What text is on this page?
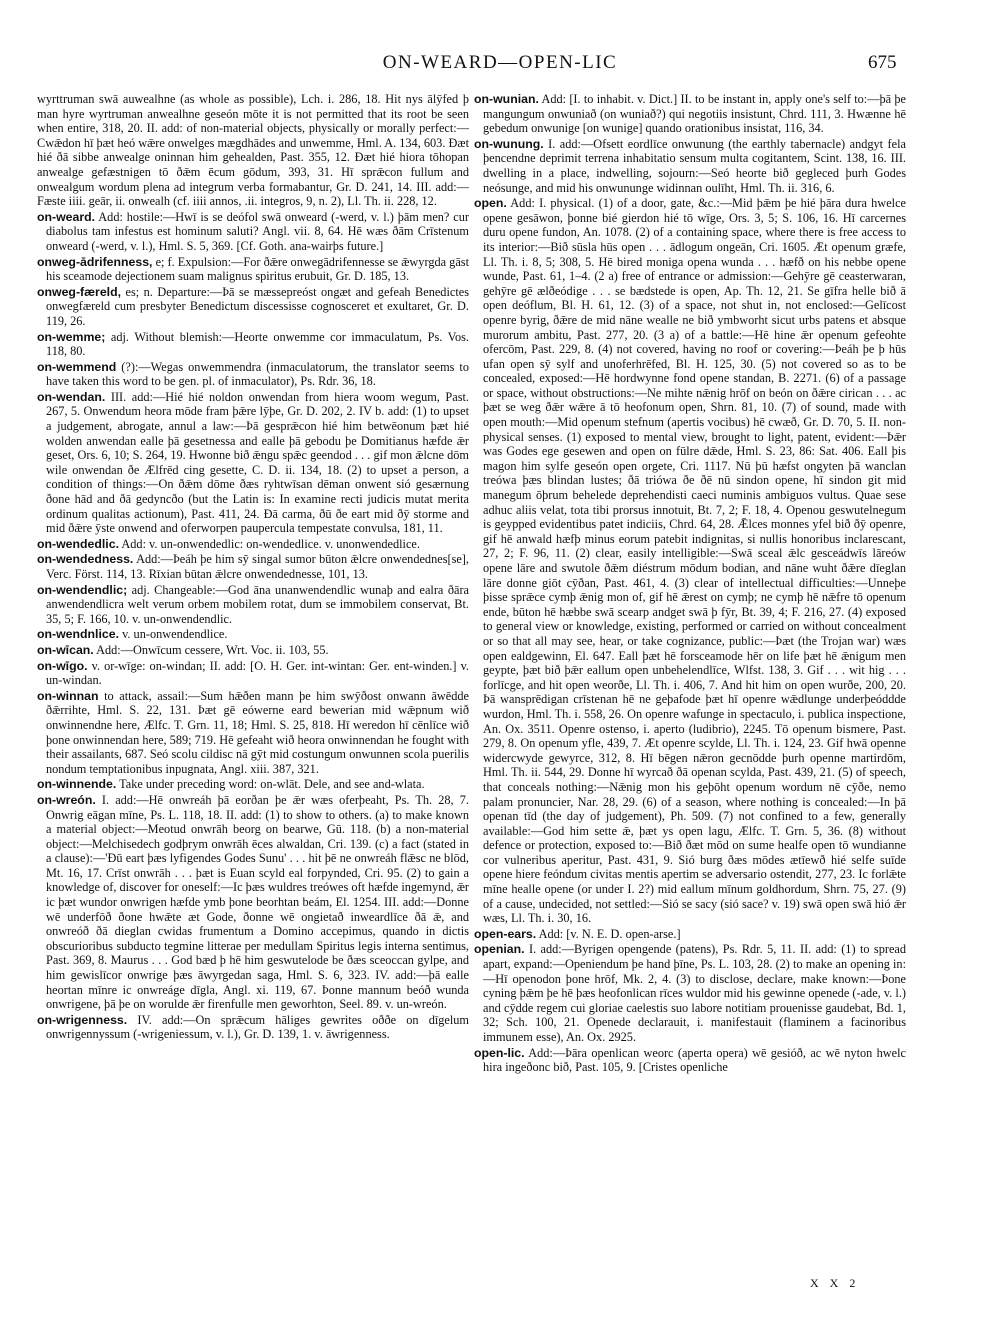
ON-WEARD—OPEN-LIC	675

wyrttruman swā auwealhne (as whole as possible), Lch. i. 286, 18. Hit nys ālȳfed þ man hyre wyrtruman anwealhne geseón mōte it is not permitted that its root be seen when entire, 318, 20. II. add: of non-material objects, physically or morally perfect:—Cwǣdon hī þæt heó wǣre onwelges mægdhādes and unwemme, Hml. A. 134, 603. Ðæt hié ðā sibbe anwealge oninnan him gehealden, Past. 355, 12. Ðæt hié hiora tōhopan anwealge gefæstnigen tō ðǣm ēcum gōdum, 393, 31. Hī sprǣcon fullum and onwealgum wordum plena ad integrum verba formabantur, Gr. D. 241, 14. III. add:—Fæste iiii. geār, ii. onwealh (cf. iiii annos, .ii. integros, 9, n. 2), Ll. Th. ii. 228, 12.

on-weard. Add: hostile:—Hwī is se deófol swā onweard (-werd, v. l.) þām men? cur diabolus tam infestus est hominum saluti? Angl. vii. 8, 64. Hē wæs ðām Crīstenum onweard (-werd, v. l.), Hml. S. 5, 369. [Cf. Goth. ana-wairþs future.]

onweg-ādrifenness, e; f. Expulsion:—For ðǣre onwegādrifennesse se ǣwyrgda gāst his sceamode dejectionem suam malignus spiritus erubuit, Gr. D. 185, 13.

onweg-færeld, es; n. Departure:—Þā se mæssepreóst ongæt and gefeah Benedictes onwegfæreld cum presbyter Benedictum discessisse cognosceret et exultaret, Gr. D. 119, 26.

on-wemme; adj. Without blemish:—Heorte onwemme cor immaculatum, Ps. Vos. 118, 80.

on-wemmend (?):—Wegas onwemmendra (inmaculatorum, the translator seems to have taken this word to be gen. pl. of inmaculator), Ps. Rdr. 36, 18.

on-wendan. III. add:—Hié hié noldon onwendan from hiera woom wegum, Past. 267, 5. Onwendum heora mōde fram þǣre lȳþe, Gr. D. 202, 2. IV b. add: (1) to upset a judgement, abrogate, annul a law:—Þā gesprǣcon hié him betwēonum þæt hié wolden anwendan ealle þā gesetnessa and ealle þā gebodu þe Domitianus hæfde ǣr geset, Ors. 6, 10; S. 264, 19. Hwonne bið ǣngu spǣc geendod . . . gif mon ǣlcne dōm wile onwendan ðe Ælfrēd cing gesette, C. D. ii. 134, 18. (2) to upset a person, a condition of things:—On ðǣm dōme ðæs ryhtwīsan dēman onwent sió gesærnung ðone hād and ðā gedyncðo (but the Latin is: In examine recti judicis mutat merita ordinum qualitas actionum), Past. 411, 24. Ðā carma, ðū ðe eart mid ðȳ storme and mid ðǣre ȳste onwend and oferworpen paupercula tempestate convulsa, 181, 11.

on-wendedlic. Add: v. un-onwendedlic: on-wendedlice. v. unonwendedlice.

on-wendedness. Add:—Þeáh þe him sȳ singal sumor būton ǣlcre onwendednes[se], Verc. Först. 114, 13. Rīxian būtan ǣlcre onwendednesse, 101, 13.

on-wendendlic; adj. Changeable:—God āna unanwendendlic wunaþ and ealra ðāra anwendendlicra welt verum orbem mobilem rotat, dum se immobilem conservat, Bt. 35, 5; F. 166, 10. v. un-onwendendlic.

on-wendnlice. v. un-onwendendlice.

on-wīcan. Add:—Onwīcum cessere, Wrt. Voc. ii. 103, 55.

on-wīgo. v. or-wīge: on-windan; II. add: [O. H. Ger. int-wintan: Ger. ent-winden.] v. un-windan.

on-winnan to attack, assail:—Sum hǣðen mann þe him swȳðost onwann āwēdde ðǣrrihte, Hml. S. 22, 131. Þæt gē eówerne eard bewerian mid wǣpnum wið onwinnendne here, Ælfc. T. Grn. 11, 18; Hml. S. 25, 818. Hī weredon hī cēnlīce wið þone onwinnendan here, 589; 719. Hē gefeaht wið heora onwinnendan he fought with their assailants, 687. Seó scolu cildisc nā gȳt mid costungum onwunnen scola puerilis nondum temptationibus inpugnata, Angl. xiii. 387, 321.

on-winnende. Take under preceding word: on-wlāt. Dele, and see and-wlata.

on-wreón. I. add:—Hē onwreáh þā eorðan þe ǣr wæs oferþeaht, Ps. Th. 28, 7. Onwrig eāgan mīne, Ps. L. 118, 18. II. add: (1) to show to others. (a) to make known a material object:—Meotud onwrāh beorg on bearwe, Gū. 118. (b) a non-material object:—Melchisedech godþrym onwrāh ēces alwaldan, Cri. 139. (c) a fact (stated in a clause):—'Ðū eart þæs lyfigendes Godes Sunu' . . . hit þē ne onwreáh flǣsc ne blōd, Mt. 16, 17. Crīst onwrāh . . . þæt is Euan scyld eal forpynded, Cri. 95. (2) to gain a knowledge of, discover for oneself:—Ic þæs wuldres treówes oft hæfde ingemynd, ǣr ic þæt wundor onwrigen hæfde ymb þone beorhtan beám, El. 1254. III. add:—Donne wē underfōð ðone hwǣte æt Gode, ðonne wē ongietað inweardlīce ðā ǣ, and onwreóð ðā dieglan cwidas frumentum a Domino accepimus, quando in dictis obscurioribus subducto tegmine litterae per medullam Spiritus legis interna sentimus, Past. 369, 8. Maurus . . . God bæd þ hē him geswutelode be ðæs sceoccan gylpe, and him gewislīcor onwrige þæs āwyrgedan saga, Hml. S. 6, 323. IV. add:—þā ealle heortan mīnre ic onwreáge dīgla, Angl. xi. 119, 67. Þonne mannum beóð wunda onwrigene, þā þe on worulde ǣr firenfulle men geworhton, Seel. 89. v. un-wreón.

on-wrigenness. IV. add:—On sprǣcum hāliges gewrites oððe on dīgelum onwrigennyssum (-wrigeniessum, v. l.), Gr. D. 139, 1. v. āwrigenness.

on-wunian. Add: [I. to inhabit. v. Dict.] II. to be instant in, apply one's self to:—þā þe mangungum onwuniað (on wuniað?) qui negotiis insistunt, Chrd. 111, 3. Hwænne hē gebedum onwunige [on wunige] quando orationibus insistat, 116, 34.

on-wunung. I. add:—Ofsett eordlīce onwunung (the earthly tabernacle) andgyt fela þencendne deprimit terrena inhabitatio sensum multa cogitantem, Scint. 138, 16. III. dwelling in a place, indwelling, sojourn:—Seó heorte bið gegleced þurh Godes neósunge, and mid his onwununge widinnan oulīht, Hml. Th. ii. 316, 6.

open. Add: I. physical. (1) of a door, gate, &c.:—Mid þǣm þe hié þāra dura hwelce opene gesāwon, þonne bié gierdon hié tō wīge, Ors. 3, 5; S. 106, 16. Hī carcernes duru opene fundon, An. 1078. (2) of a containing space, where there is free access to its interior:—Bið sūsla hūs open . . . ādlogum ongeān, Cri. 1605. Æt openum græfe, Ll. Th. i. 8, 5; 308, 5. Hē bired moniga opena wunda . . . hæfð on his nebbe opene wunde, Past. 61, 1–4. (2 a) free of entrance or admission:—Gehȳre gē ceasterwaran, gehȳre gē ælðeódige . . . se bædstede is open, Ap. Th. 12, 21. Se gīfra helle bið ā open deóflum, Bl. H. 61, 12. (3) of a space, not shut in, not enclosed:—Gelīcost openre byrig, ðǣre de mid nāne wealle ne bið ymbworht sicut urbs patens et absque murorum ambitu, Past. 277, 20. (3 a) of a battle:—Hē hine ǣr openum gefeohte ofercōm, Past. 229, 8. (4) not covered, having no roof or covering:—Þeáh þe þ hūs ufan open sȳ sylf and unoferhrēfed, Bl. H. 125, 30. (5) not covered so as to be concealed, exposed:—Hē hordwynne fond opene standan, B. 2271. (6) of a passage or space, without obstructions:—Ne mihte nǣnig hrōf on beón on ðǣre cirican . . . ac þæt se weg ðǣr wǣre ā tō heofonum open, Shrn. 81, 10. (7) of sound, made with open mouth:—Mid openum stefnum (apertis vocibus) hē cwæð, Gr. D. 70, 5. II. non-physical senses. (1) exposed to mental view, brought to light, patent, evident:—Þǣr was Godes ege gesewen and open on fūlre dǣde, Hml. S. 23, 86: Sat. 406. Eall þis magon him sylfe geseón open orgete, Cri. 1117. Nū þū hæfst ongyten þā wanclan treówa þæs blindan lustes; ðā triówa ðe ðē nū sindon opene, hī sindon git mid manegum ōþrum behelede deprehendisti caeci numinis ambiguos vultus. Quae sese adhuc aliis velat, tota tibi prorsus innotuit, Bt. 7, 2; F. 18, 4. Openou geswutelnegum is geypped evidentibus patet indiciis, Chrd. 64, 28. Ǣlces monnes yfel bið ðȳ openre, gif hē anwald hæfþ minus eorum patebit indignitas, si nullis honoribus inclarescant, 27, 2; F. 96, 11. (2) clear, easily intelligible:—Swā sceal ǣlc gesceádwīs lāreów opene lāre and swutole ðǣm diéstrum mōdum bodian, and nāne wuht ðǣre dīeglan lāre donne giōt cȳðan, Past. 461, 4. (3) clear of intellectual difficulties:—Unneþe þisse sprǣce cymþ ǣnig mon of, gif hē ǣrest on cymþ; ne cymþ hē nǣfre tō openum ende, būton hē hæbbe swā scearp andget swā þ fȳr, Bt. 39, 4; F. 216, 27. (4) exposed to general view or knowledge, existing, performed or carried on without concealment or so that all may see, hear, or take cognizance, public:—Þæt (the Trojan war) wæs open ealdgewinn, El. 647. Eall þæt hē forsceamode hēr on life þæt hē ǣnigum men geypte, þæt bið þǣr eallum open unbehelendlīce, Wlfst. 138, 3. Gif . . . wit hig . . . forlīcge, and hit open weorðe, Ll. Th. i. 406, 7. And hit him on open wurðe, 200, 20. Þā wansprēdigan crīstenan hē ne geþafode þæt hī openre wǣdlunge underþeóddde wurdon, Hml. Th. i. 558, 26. On openre wafunge in spectaculo, i. publica inspectione, An. Ox. 3511. Openre ostenso, i. aperto (ludibrio), 2245. Tō openum bismere, Past. 279, 8. On openum yfle, 439, 7. Æt openre scylde, Ll. Th. i. 124, 23. Gif hwā openne widercwyde gewyrce, 312, 8. Hī bēgen nǣron gecnōdde þurh openne martirdōm, Hml. Th. ii. 544, 29. Donne hī wyrcað ðā openan scylda, Past. 439, 21. (5) of speech, that conceals nothing:—Nǣnig mon his geþōht openum wordum nē cȳðe, nemo palam pronuncier, Nar. 28, 29. (6) of a season, where nothing is concealed:—In þā openan tīd (the day of judgement), Ph. 509. (7) not confined to a few, generally available:—God him sette ǣ, þæt ys open lagu, Ælfc. T. Grn. 5, 36. (8) without defence or protection, exposed to:—Bið ðæt mōd on sume healfe open tō wundianne cor vulneribus aperitur, Past. 431, 9. Sió burg ðæs mōdes ætīewð hié selfe suīde opene hiere feóndum civitas mentis apertim se adversario ostendit, 277, 23. Ic forlǣte mīne healle opene (or under I. 2?) mid eallum mīnum goldhordum, Shrn. 75, 27. (9) of a cause, undecided, not settled:—Sió se sacy (sió sace? v. 19) swā open swā hió ǣr wæs, Ll. Th. i. 30, 16.

open-ears. Add: [v. N. E. D. open-arse.]

openian. I. add:—Byrigen opengende (patens), Ps. Rdr. 5, 11. II. add: (1) to spread apart, expand:—Openiendum þe hand þīne, Ps. L. 103, 28. (2) to make an opening in:—Hī openodon þone hrōf, Mk. 2, 4. (3) to disclose, declare, make known:—Þone cyning þǣm þe hē þæs heofonlican rīces wuldor mid his gewinne openede (-ade, v. l.) and cȳdde regem cui gloriae caelestis suo labore notitiam prouenisse gaudebat, Bd. 1, 32; Sch. 100, 21. Openede declarauit, i. manifestauit (flaminem a facinoribus immunem esse), An. Ox. 2925.

open-lic. Add:—Þāra openlican weorc (aperta opera) wē gesióð, ac wē nyton hwelc hira ingeðonc bið, Past. 105, 9. [Cristes openliche

X X 2
